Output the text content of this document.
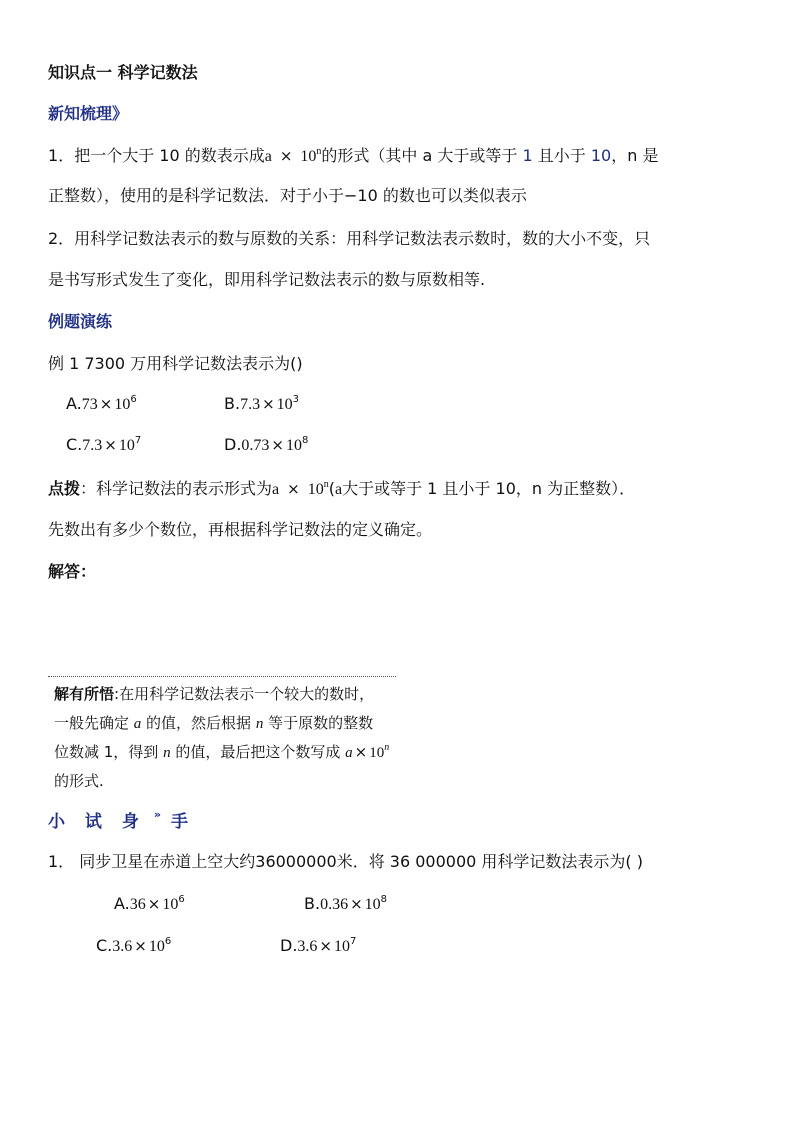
知识点一 科学记数法
新知梳理》
1．把一个大于 10 的数表示成$a \times 10^n$的形式（其中 a 大于或等于 1 且小于 10，n 是
正整数），使用的是科学记数法．对于小于−10 的数也可以类似表示
2．用科学记数法表示的数与原数的关系：用科学记数法表示数时，数的大小不变，只
是书写形式发生了变化，即用科学记数法表示的数与原数相等.
例题演练
例 1 7300 万用科学记数法表示为()
$A.73 \times 10^6$	$B.7.3 \times 10^3$
$C.7.3 \times 10^7$	$D.0.73 \times 10^8$
点拨：科学记数法的表示形式为$a \times 10^n(a$大于或等于 1 且小于 10，n 为正整数）．
先数出有多少个数位，再根据科学记数法的定义确定。
解答：
解有所悟:在用科学记数法表示一个较大的数时，
一般先确定 a 的值，然后根据 n 等于原数的整数
位数减 1，得到 n 的值，最后把这个数写成 $a \times 10^n$
的形式.
小 试 身 » 手
1． 同步卫星在赤道上空大约36000000米．将 36 000000 用科学记数法表示为( )
$A.36 \times 10^6$	$B.0.36 \times 10^8$
$C.3.6 \times 10^6$	$D.3.6 \times 10^7$
